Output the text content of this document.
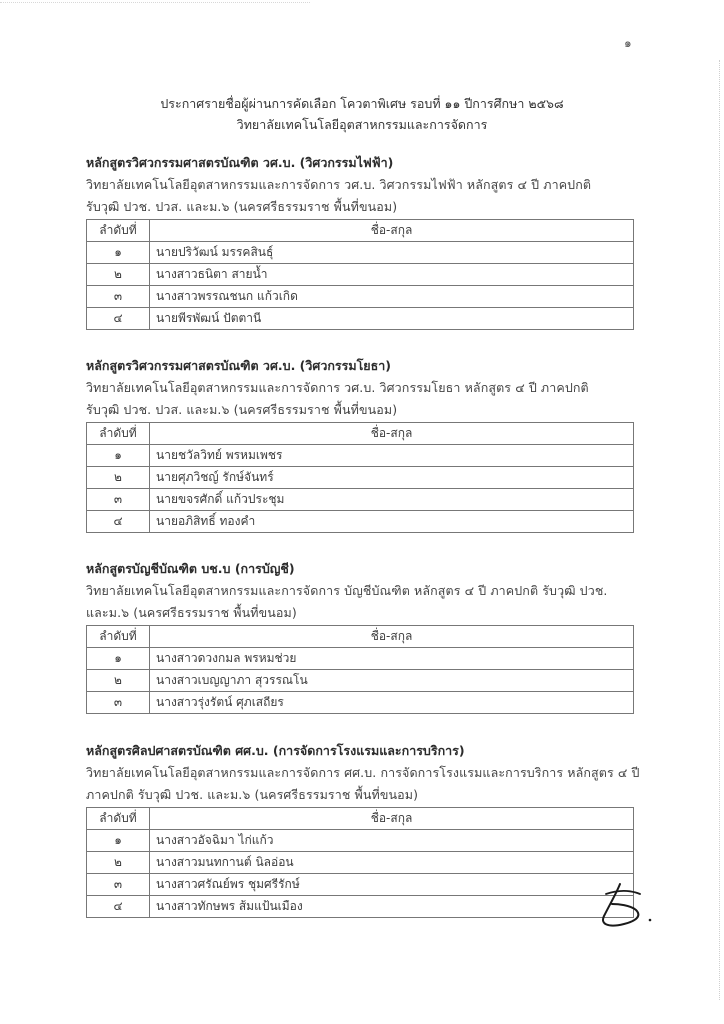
๑
ประกาศรายชื่อผู้ผ่านการคัดเลือก โควตาพิเศษ รอบที่ ๑๑ ปีการศึกษา ๒๕๖๘
วิทยาลัยเทคโนโลยีอุตสาหกรรมและการจัดการ
หลักสูตรวิศวกรรมศาสตรบัณฑิต วศ.บ. (วิศวกรรมไฟฟ้า)
วิทยาลัยเทคโนโลยีอุตสาหกรรมและการจัดการ วศ.บ. วิศวกรรมไฟฟ้า หลักสูตร ๔ ปี ภาคปกติ
รับวุฒิ ปวช. ปวส. และม.๖ (นครศรีธรรมราช พื้นที่ขนอม)
ลำดับที่	ชื่อ-สกุล
๑	นายปริวัฒน์ มรรคสินธุ์
๒	นางสาวธนิตา สายน้ำ
๓	นางสาวพรรณชนก แก้วเกิด
๔	นายพีรพัฒน์ ปัตตานี
หลักสูตรวิศวกรรมศาสตรบัณฑิต วศ.บ. (วิศวกรรมโยธา)
วิทยาลัยเทคโนโลยีอุตสาหกรรมและการจัดการ วศ.บ. วิศวกรรมโยธา หลักสูตร ๔ ปี ภาคปกติ
รับวุฒิ ปวช. ปวส. และม.๖ (นครศรีธรรมราช พื้นที่ขนอม)
ลำดับที่	ชื่อ-สกุล
๑	นายชวัลวิทย์ พรหมเพชร
๒	นายศุภวิชญ์ รักษ์จันทร์
๓	นายขจรศักดิ์ แก้วประชุม
๔	นายอภิสิทธิ์ ทองคำ
หลักสูตรบัญชีบัณฑิต บช.บ (การบัญชี)
วิทยาลัยเทคโนโลยีอุตสาหกรรมและการจัดการ บัญชีบัณฑิต หลักสูตร ๔ ปี ภาคปกติ รับวุฒิ ปวช.
และม.๖ (นครศรีธรรมราช พื้นที่ขนอม)
ลำดับที่	ชื่อ-สกุล
๑	นางสาวดวงกมล พรหมช่วย
๒	นางสาวเบญญาภา สุวรรณโน
๓	นางสาวรุ่งรัตน์ ศุภเสถียร
หลักสูตรศิลปศาสตรบัณฑิต ศศ.บ. (การจัดการโรงแรมและการบริการ)
วิทยาลัยเทคโนโลยีอุตสาหกรรมและการจัดการ ศศ.บ. การจัดการโรงแรมและการบริการ หลักสูตร ๔ ปี
ภาคปกติ รับวุฒิ ปวช. และม.๖ (นครศรีธรรมราช พื้นที่ขนอม)
ลำดับที่	ชื่อ-สกุล
๑	นางสาวอัจฉิมา ไก่แก้ว
๒	นางสาวมนทกานต์ นิลอ่อน
๓	นางสาวศรัณย์พร ชุมศรีรักษ์
๔	นางสาวทักษพร ส้มแป้นเมือง
